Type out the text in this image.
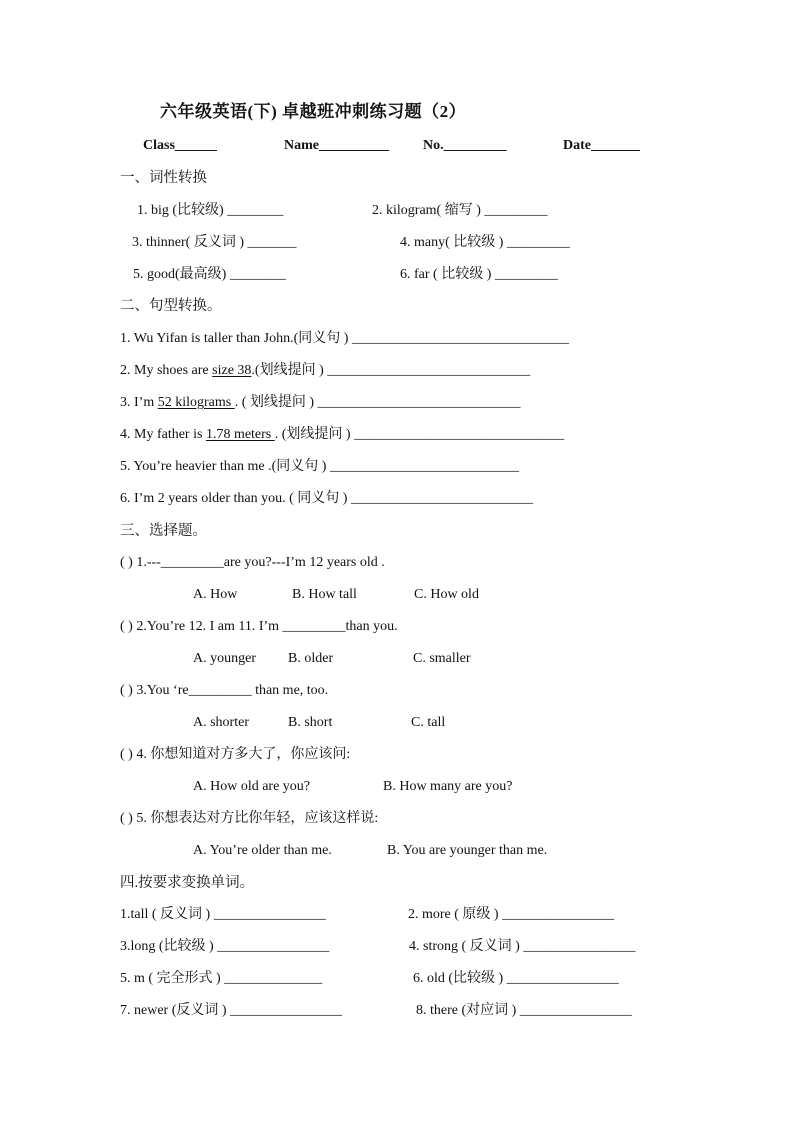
六年级英语(下) 卓越班冲刺练习题（2）
Class______	Name__________ No._________	Date_______
一、词性转换
1. big (比较级) ________	2. kilogram( 缩写 ) _________
3. thinner( 反义词 ) _______	4. many( 比较级 ) _________
5. good(最高级) ________	6. far ( 比较级 ) _________
二、句型转换。
1. Wu Yifan is taller than John.(同义句 ) _______________________________
2. My shoes are size 38.(划线提问 ) _____________________________
3. I’m 52 kilograms . ( 划线提问 ) _____________________________
4. My father is 1.78 meters . (划线提问 ) ______________________________
5. You’re heavier than me .(同义句 ) ___________________________
6. I’m 2 years older than you. ( 同义句 ) __________________________
三、选择题。
( ) 1.---_________are you?---I’m 12 years old .
A. How	B. How tall	C. How old
( ) 2.You’re 12. I am 11. I’m _________than you.
A. younger B. older	C. smaller
( ) 3.You ‘re_________ than me, too.
A. shorter	B. short	C. tall
( ) 4. 你想知道对方多大了，你应该问:
A. How old are you?	B. How many are you?
( ) 5. 你想表达对方比你年轻，应该这样说:
A. You’re older than me.	B. You are younger than me.
四.按要求变换单词。
1.tall ( 反义词 ) ________________	2. more ( 原级 ) ________________
3.long (比较级 ) ________________	4. strong ( 反义词 ) ________________
5. m ( 完全形式 ) ______________	6. old (比较级 ) ________________
7. newer (反义词 ) ________________	8. there (对应词 ) ________________
